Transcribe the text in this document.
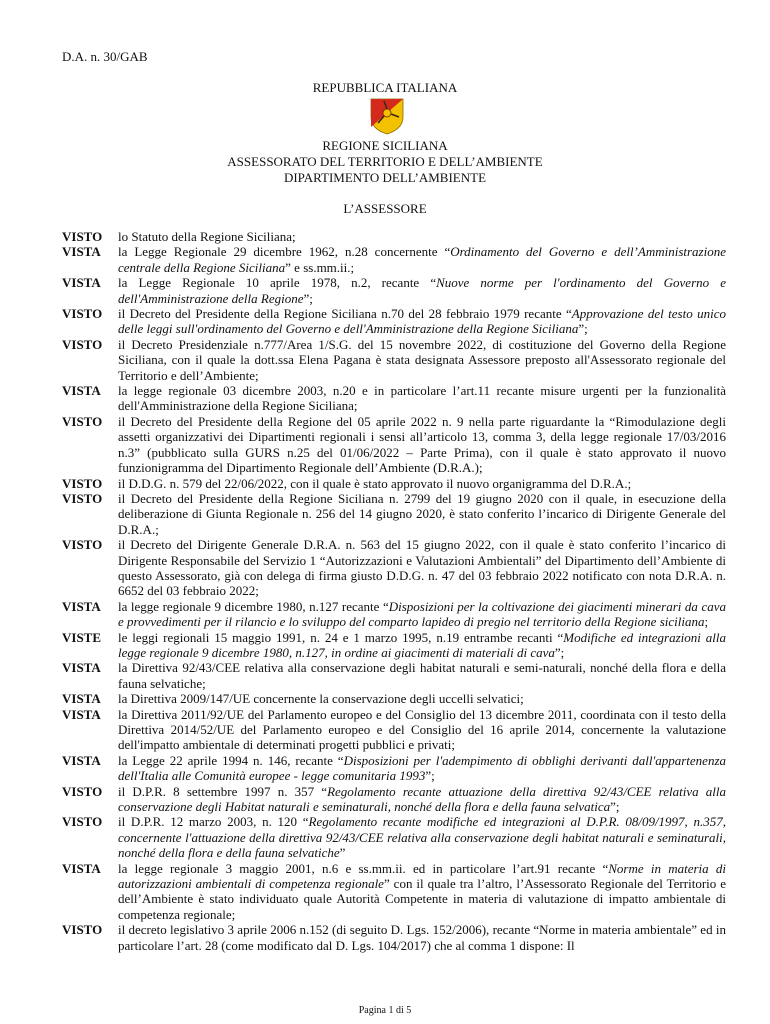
D.A. n. 30/GAB
REPUBBLICA ITALIANA
REGIONE SICILIANA
ASSESSORATO DEL TERRITORIO E DELL’AMBIENTE
DIPARTIMENTO DELL’AMBIENTE
L’ASSESSORE
VISTO	lo Statuto della Regione Siciliana;
VISTA	la Legge Regionale 29 dicembre 1962, n.28 concernente “Ordinamento del Governo e dell’Amministrazione centrale della Regione Siciliana” e ss.mm.ii.;
VISTA	la Legge Regionale 10 aprile 1978, n.2, recante “Nuove norme per l'ordinamento del Governo e dell'Amministrazione della Regione”;
VISTO	il Decreto del Presidente della Regione Siciliana n.70 del 28 febbraio 1979 recante “Approvazione del testo unico delle leggi sull'ordinamento del Governo e dell'Amministrazione della Regione Siciliana”;
VISTO	il Decreto Presidenziale n.777/Area 1/S.G. del 15 novembre 2022, di costituzione del Governo della Regione Siciliana, con il quale la dott.ssa Elena Pagana è stata designata Assessore preposto all'Assessorato regionale del Territorio e dell’Ambiente;
VISTA	la legge regionale 03 dicembre 2003, n.20 e in particolare l’art.11 recante misure urgenti per la funzionalità dell'Amministrazione della Regione Siciliana;
VISTO	il Decreto del Presidente della Regione del 05 aprile 2022 n. 9 nella parte riguardante la “Rimodulazione degli assetti organizzativi dei Dipartimenti regionali i sensi all’articolo 13, comma 3, della legge regionale 17/03/2016 n.3” (pubblicato sulla GURS n.25 del 01/06/2022 – Parte Prima), con il quale è stato approvato il nuovo funzionigramma del Dipartimento Regionale dell’Ambiente (D.R.A.);
VISTO	il D.D.G. n. 579 del 22/06/2022, con il quale è stato approvato il nuovo organigramma del D.R.A.;
VISTO	il Decreto del Presidente della Regione Siciliana n. 2799 del 19 giugno 2020 con il quale, in esecuzione della deliberazione di Giunta Regionale n. 256 del 14 giugno 2020, è stato conferito l’incarico di Dirigente Generale del D.R.A.;
VISTO	il Decreto del Dirigente Generale D.R.A. n. 563 del 15 giugno 2022, con il quale è stato conferito l’incarico di Dirigente Responsabile del Servizio 1 “Autorizzazioni e Valutazioni Ambientali” del Dipartimento dell’Ambiente di questo Assessorato, già con delega di firma giusto D.D.G. n. 47 del 03 febbraio 2022 notificato con nota D.R.A. n. 6652 del 03 febbraio 2022;
VISTA	la legge regionale 9 dicembre 1980, n.127 recante “Disposizioni per la coltivazione dei giacimenti minerari da cava e provvedimenti per il rilancio e lo sviluppo del comparto lapideo di pregio nel territorio della Regione siciliana;
VISTE	le leggi regionali 15 maggio 1991, n. 24 e 1 marzo 1995, n.19 entrambe recanti “Modifiche ed integrazioni alla legge regionale 9 dicembre 1980, n.127, in ordine ai giacimenti di materiali di cava”;
VISTA	la Direttiva 92/43/CEE relativa alla conservazione degli habitat naturali e semi-naturali, nonché della flora e della fauna selvatiche;
VISTA	la Direttiva 2009/147/UE concernente la conservazione degli uccelli selvatici;
VISTA	la Direttiva 2011/92/UE del Parlamento europeo e del Consiglio del 13 dicembre 2011, coordinata con il testo della Direttiva 2014/52/UE del Parlamento europeo e del Consiglio del 16 aprile 2014, concernente la valutazione dell'impatto ambientale di determinati progetti pubblici e privati;
VISTA	la Legge 22 aprile 1994 n. 146, recante “Disposizioni per l'adempimento di obblighi derivanti dall'appartenenza dell'Italia alle Comunità europee - legge comunitaria 1993”;
VISTO	il D.P.R. 8 settembre 1997 n. 357 “Regolamento recante attuazione della direttiva 92/43/CEE relativa alla conservazione degli Habitat naturali e seminaturali, nonché della flora e della fauna selvatica”;
VISTO	il D.P.R. 12 marzo 2003, n. 120 “Regolamento recante modifiche ed integrazioni al D.P.R. 08/09/1997, n.357, concernente l'attuazione della direttiva 92/43/CEE relativa alla conservazione degli habitat naturali e seminaturali, nonché della flora e della fauna selvatiche”
VISTA	la legge regionale 3 maggio 2001, n.6 e ss.mm.ii. ed in particolare l’art.91 recante “Norme in materia di autorizzazioni ambientali di competenza regionale” con il quale tra l’altro, l’Assessorato Regionale del Territorio e dell’Ambiente è stato individuato quale Autorità Competente in materia di valutazione di impatto ambientale di competenza regionale;
VISTO	il decreto legislativo 3 aprile 2006 n.152 (di seguito D. Lgs. 152/2006), recante “Norme in materia ambientale” ed in particolare l’art. 28 (come modificato dal D. Lgs. 104/2017) che al comma 1 dispone: Il
Pagina 1 di 5
